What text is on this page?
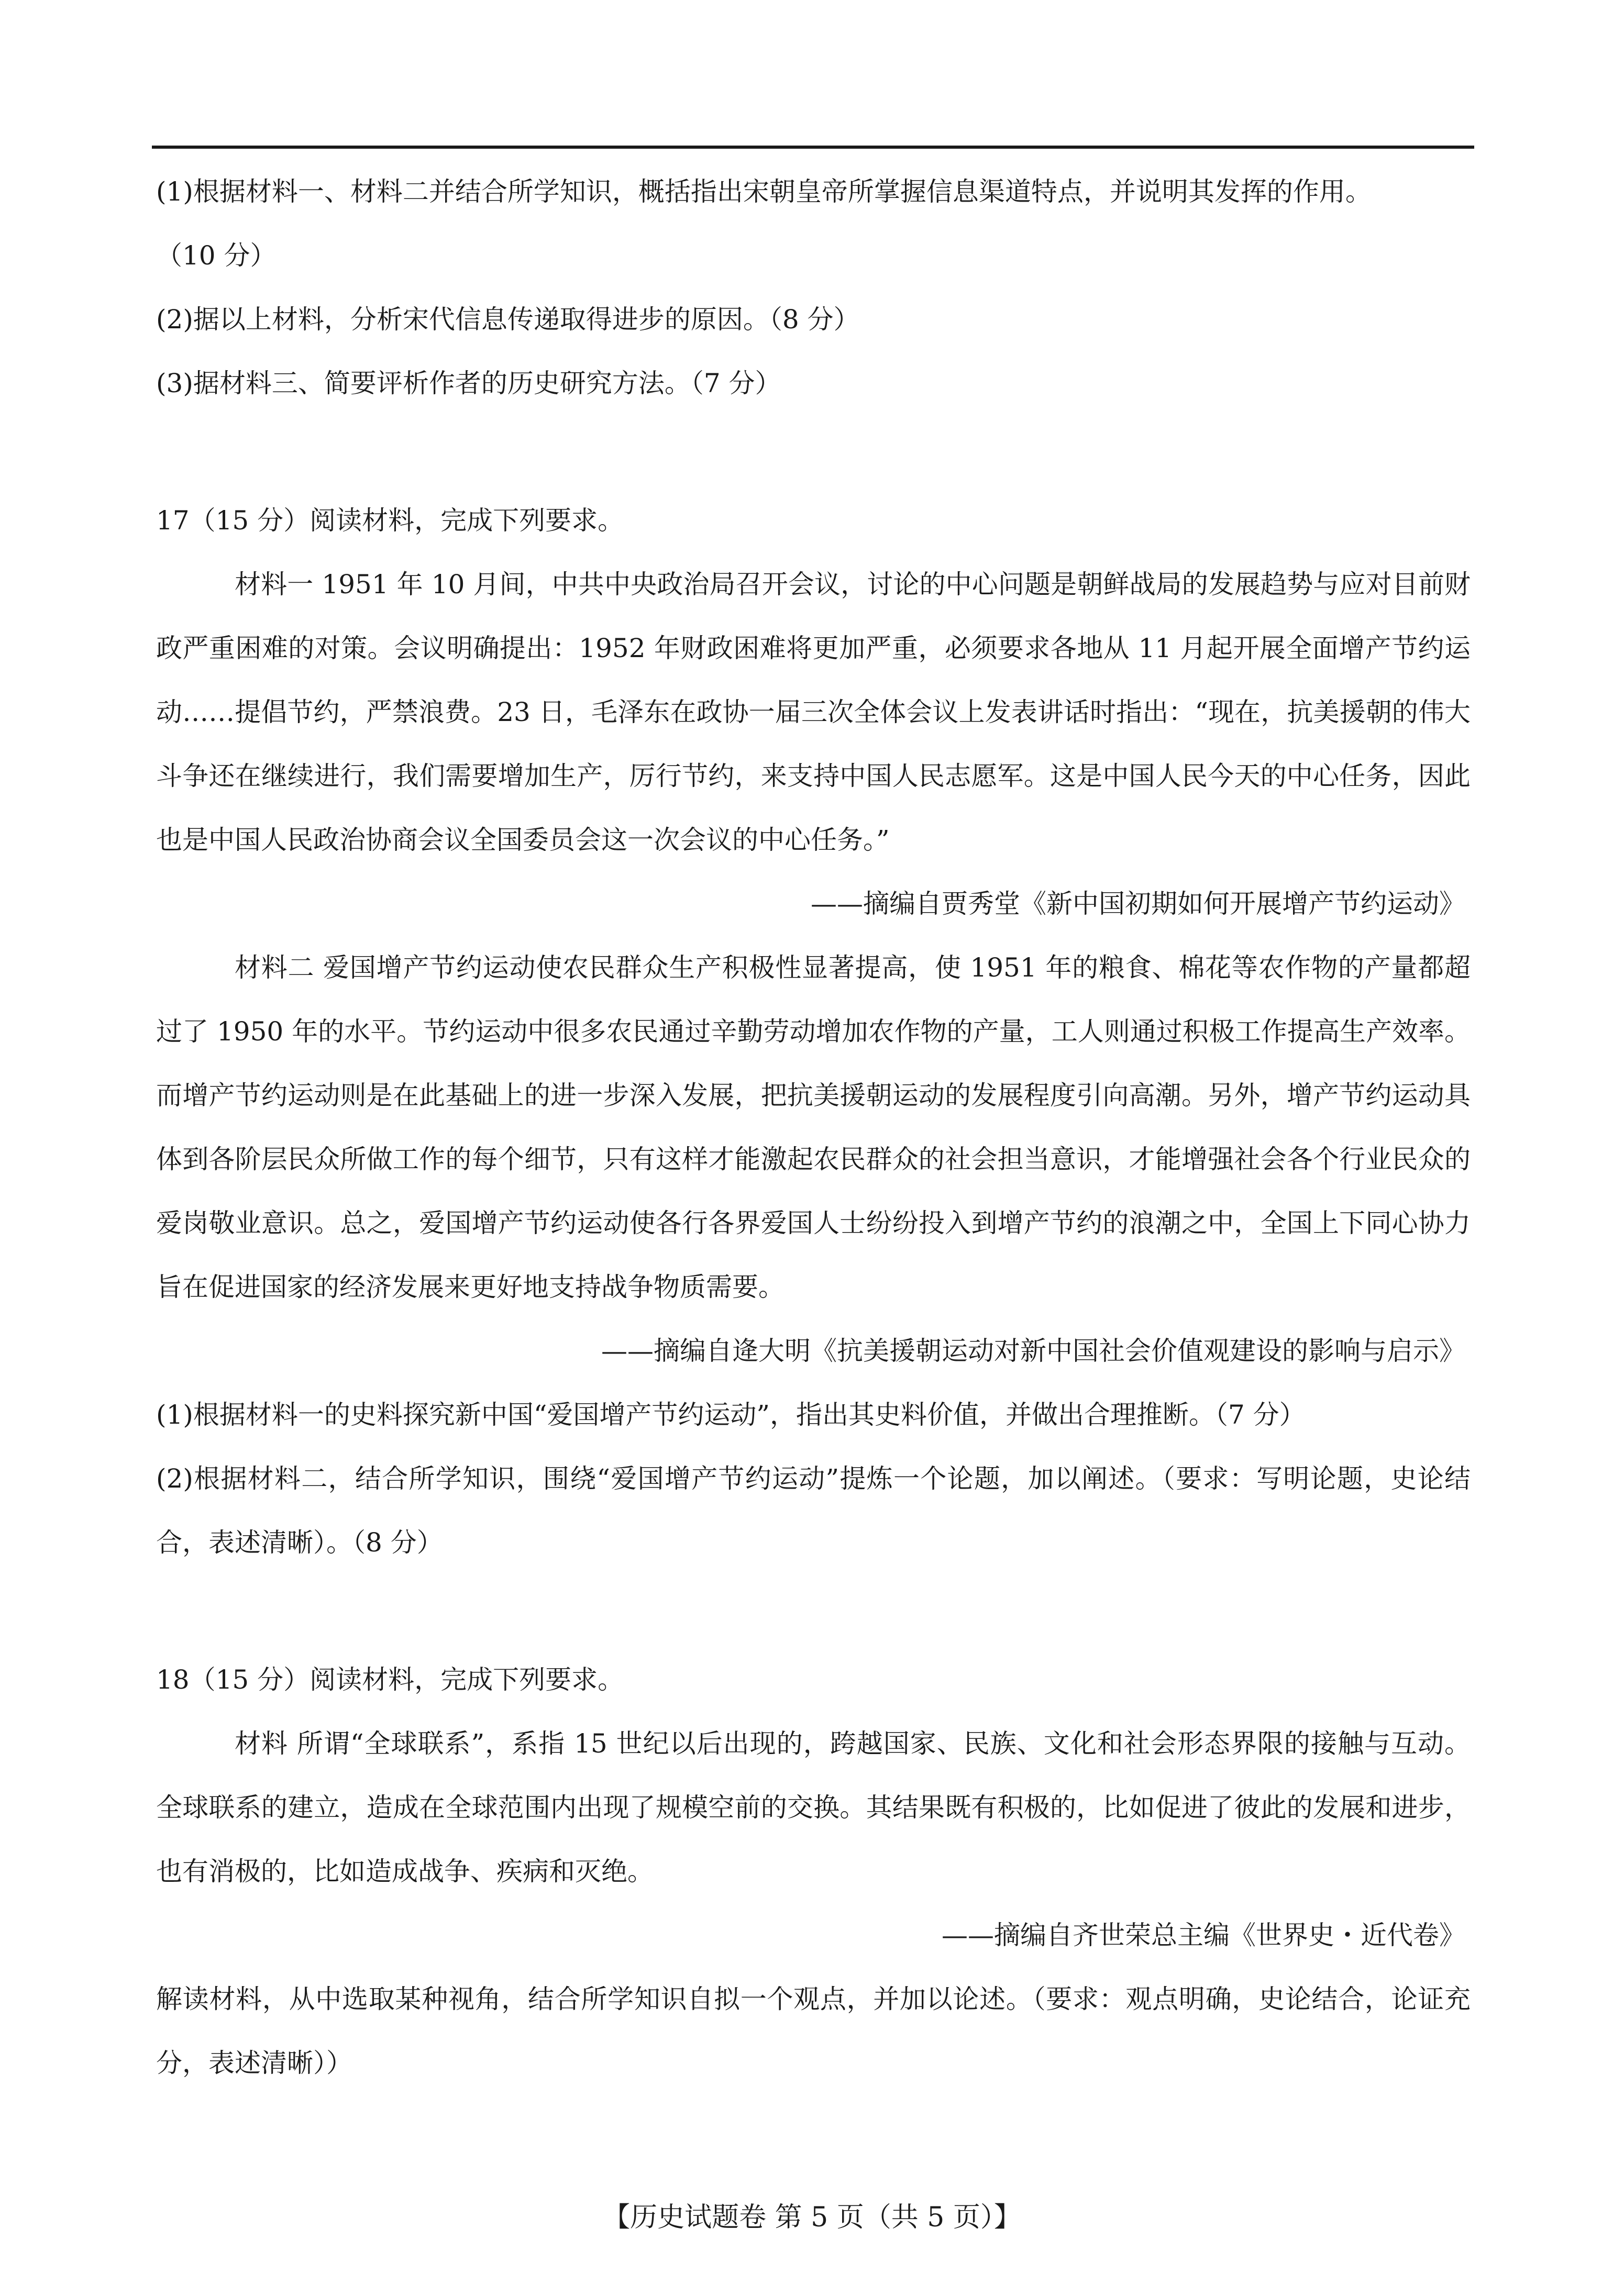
(1)根据材料一、材料二并结合所学知识，概括指出宋朝皇帝所掌握信息渠道特点，并说明其发挥的作用。
（10 分）
(2)据以上材料，分析宋代信息传递取得进步的原因。（8 分）
(3)据材料三、简要评析作者的历史研究方法。（7 分）
17（15 分）阅读材料，完成下列要求。
材料一 1951 年 10 月间，中共中央政治局召开会议，讨论的中心问题是朝鲜战局的发展趋势与应对目前财政严重困难的对策。会议明确提出：1952 年财政困难将更加严重，必须要求各地从 11 月起开展全面增产节约运动……提倡节约，严禁浪费。23 日，毛泽东在政协一届三次全体会议上发表讲话时指出：“现在，抗美援朝的伟大斗争还在继续进行，我们需要增加生产，厉行节约，来支持中国人民志愿军。这是中国人民今天的中心任务，因此也是中国人民政治协商会议全国委员会这一次会议的中心任务。”
——摘编自贾秀堂《新中国初期如何开展增产节约运动》
材料二 爱国增产节约运动使农民群众生产积极性显著提高，使 1951 年的粮食、棉花等农作物的产量都超过了 1950 年的水平。节约运动中很多农民通过辛勤劳动增加农作物的产量，工人则通过积极工作提高生产效率。而增产节约运动则是在此基础上的进一步深入发展，把抗美援朝运动的发展程度引向高潮。另外，增产节约运动具体到各阶层民众所做工作的每个细节，只有这样才能激起农民群众的社会担当意识，才能增强社会各个行业民众的爱岗敬业意识。总之，爱国增产节约运动使各行各界爱国人士纷纷投入到增产节约的浪潮之中，全国上下同心协力旨在促进国家的经济发展来更好地支持战争物质需要。
——摘编自逄大明《抗美援朝运动对新中国社会价值观建设的影响与启示》
(1)根据材料一的史料探究新中国“爱国增产节约运动”，指出其史料价值，并做出合理推断。（7 分）
(2)根据材料二，结合所学知识，围绕“爱国增产节约运动”提炼一个论题，加以阐述。（要求：写明论题，史论结合，表述清晰）。（8 分）
18（15 分）阅读材料，完成下列要求。
材料 所谓“全球联系”，系指 15 世纪以后出现的，跨越国家、民族、文化和社会形态界限的接触与互动。全球联系的建立，造成在全球范围内出现了规模空前的交换。其结果既有积极的，比如促进了彼此的发展和进步，也有消极的，比如造成战争、疾病和灭绝。
——摘编自齐世荣总主编《世界史・近代卷》
解读材料，从中选取某种视角，结合所学知识自拟一个观点，并加以论述。（要求：观点明确，史论结合，论证充分，表述清晰））
【历史试题卷 第 5 页（共 5 页）】
